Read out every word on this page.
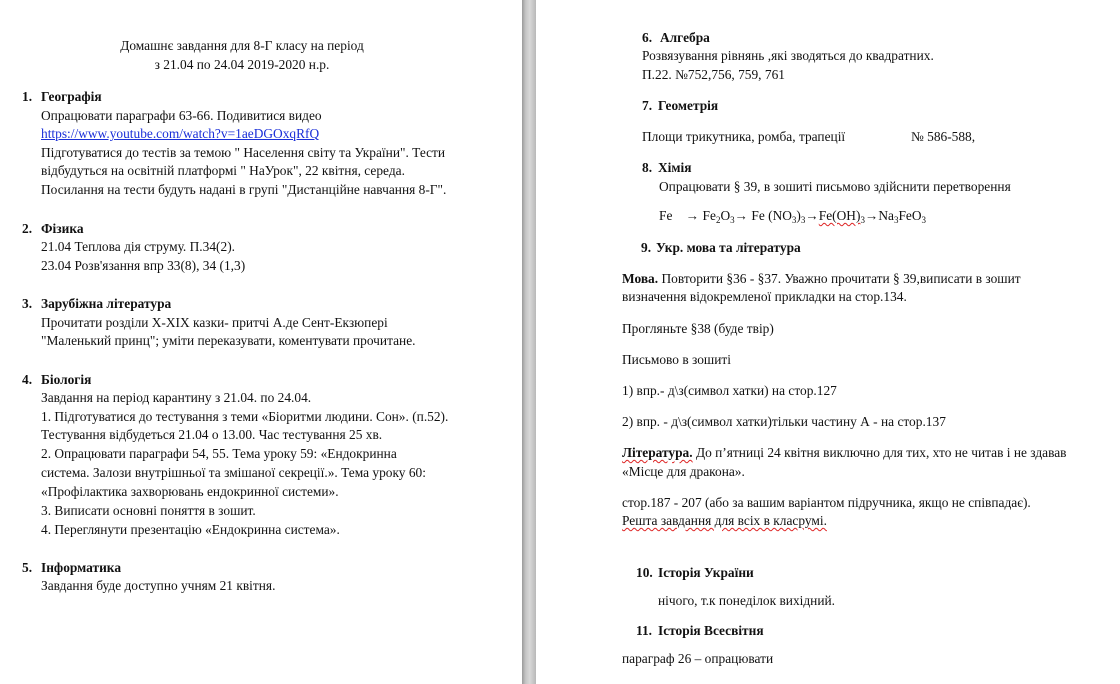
Домашнє завдання для 8-Г класу на період
з 21.04 по 24.04 2019-2020 н.р.
1. Географія
Опрацювати параграфи 63-66. Подивитися видео
https://www.youtube.com/watch?v=1aeDGOxqRfQ
Підготуватися до тестів за темою " Населення світу та України". Тести
відбудуться на освітній платформі " НаУрок", 22 квітня, середа.
Посилання на тести будуть надані в групі "Дистанційне навчання 8-Г".
2. Фізика
21.04 Теплова дія струму. П.34(2).
23.04 Розв'язання впр 33(8), 34 (1,3)
3. Зарубіжна література
Прочитати розділи X-XIX казки- притчі А.де Сент-Екзюпері
"Маленький принц"; уміти переказувати, коментувати прочитане.
4. Біологія
Завдання на період карантину з 21.04. по 24.04.
1. Підготуватися до тестування з теми «Біоритми людини. Сон». (п.52).
Тестування відбудеться 21.04 о 13.00. Час тестування 25 хв.
2. Опрацювати параграфи 54, 55. Тема уроку 59: «Ендокринна
система. Залози внутрішньої та змішаної секреції.». Тема уроку 60:
«Профілактика захворювань ендокринної системи».
3. Виписати основні поняття в зошит.
4. Переглянути презентацію «Ендокринна система».
5. Інформатика
Завдання буде доступно учням 21 квітня.
6. Алгебра
Розвязування рівнянь ,які зводяться до квадратних.
П.22. №752,756, 759, 761
7. Геометрія
Площи трикутника, ромба, трапеції	№ 586-588,
8. Хімія
Опрацювати § 39, в зошиті письмово здійснити перетворення
$Fe \to Fe_2O_3\to Fe$ $(NO_3)_3\to Fe(OH)_3\to Na_3FeO_3$
9. Укр. мова та література
Мова. Повторити §36 - §37. Уважно прочитати § 39,виписати в зошит
визначення відокремленої прикладки на стор.134.
Прогляньте §38 (буде твір)
Письмово в зошиті
1) впр.- д\з(символ хатки) на стор.127
2) впр. - д\з(символ хатки)тільки частину А - на стор.137
Література. До п’ятниці 24 квітня виключно для тих, хто не читав і не здавав
«Місце для дракона».
стор.187 - 207 (або за вашим варіантом підручника, якщо не співпадає).
Решта завдання для всіх в класрумі.
10. Історія України
нічого, т.к понеділок вихідний.
11. Історія Всесвітня
параграф 26 – опрацювати
